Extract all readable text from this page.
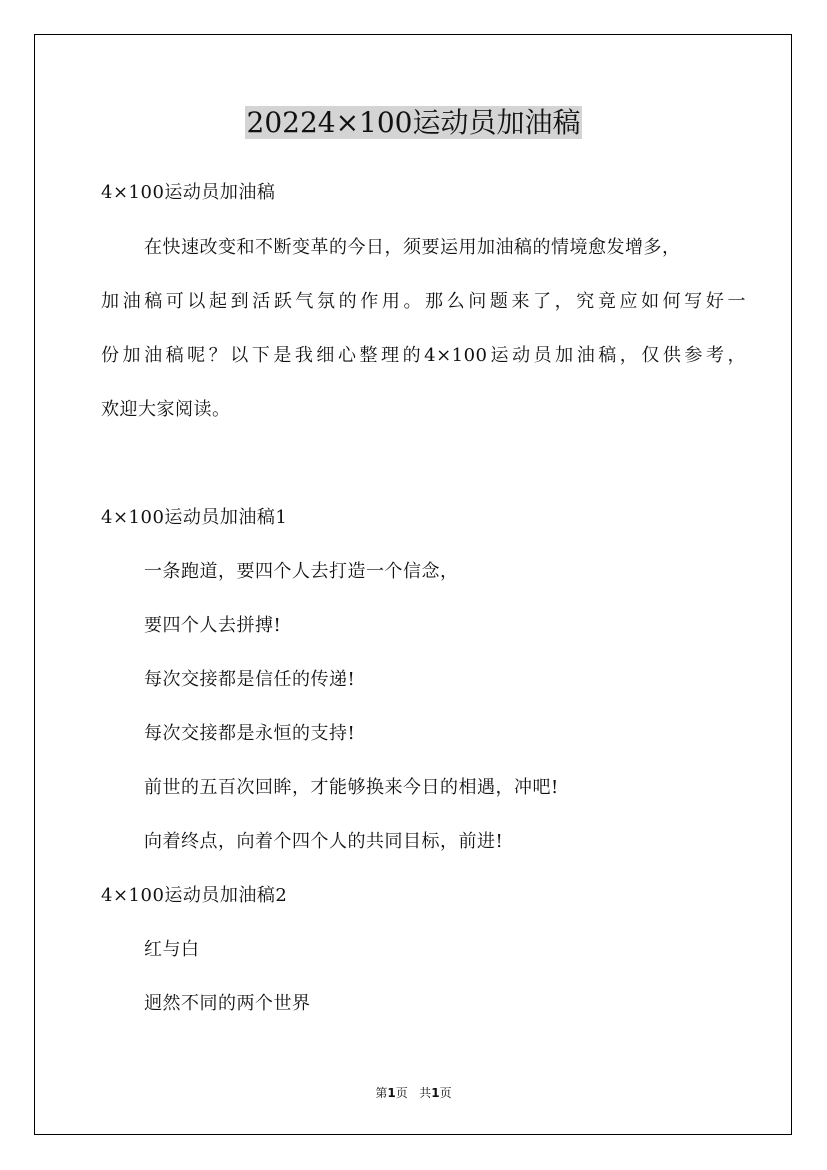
20224×100运动员加油稿
4×100运动员加油稿
在快速改变和不断变革的今日，须要运用加油稿的情境愈发增多，
加油稿可以起到活跃气氛的作用。那么问题来了，究竟应如何写好一
份加油稿呢？以下是我细心整理的4×100运动员加油稿，仅供参考，
欢迎大家阅读。
4×100运动员加油稿1
一条跑道，要四个人去打造一个信念，
要四个人去拼搏!
每次交接都是信任的传递!
每次交接都是永恒的支持!
前世的五百次回眸，才能够换来今日的相遇，冲吧!
向着终点，向着个四个人的共同目标，前进!
4×100运动员加油稿2
红与白
迥然不同的两个世界
第1页 共1页
